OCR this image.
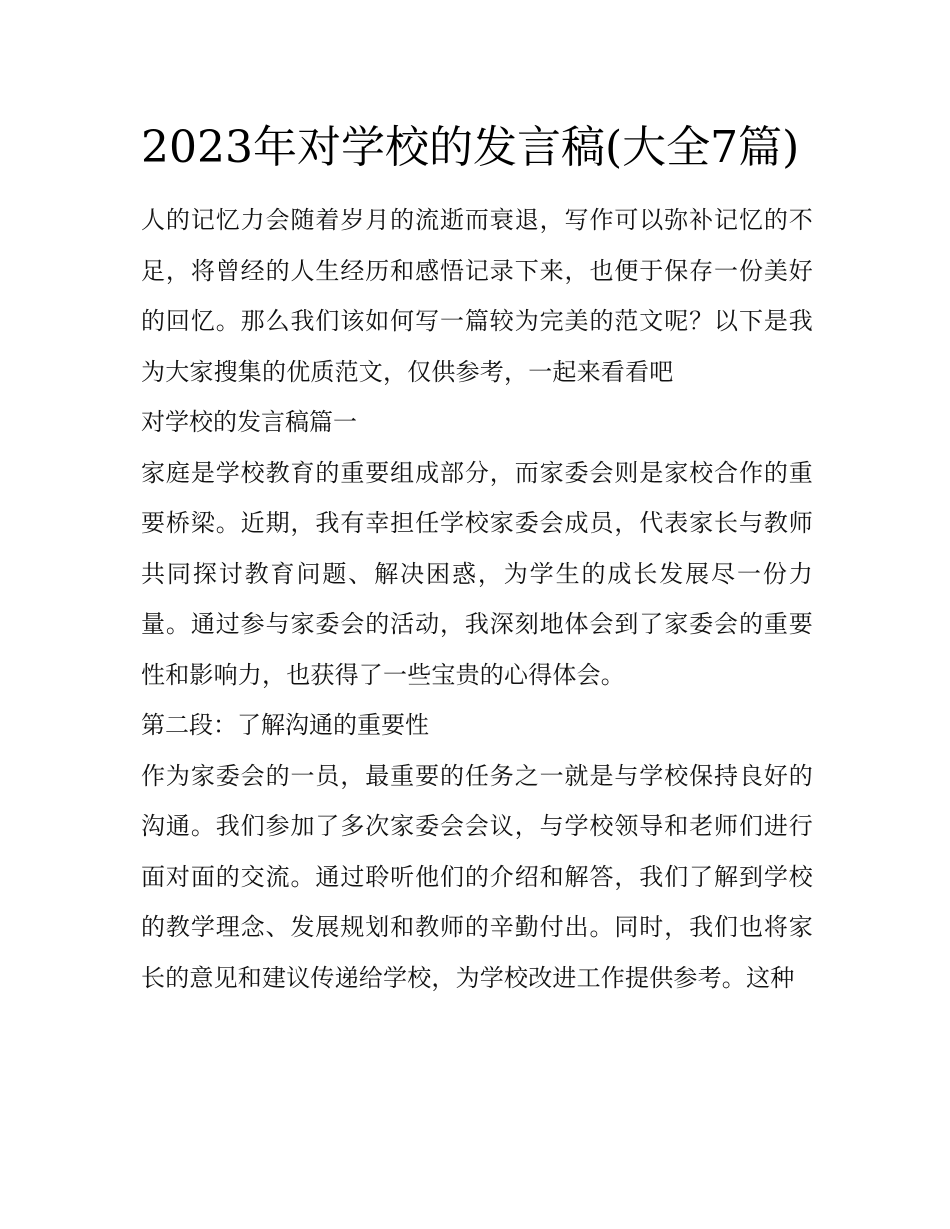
2023年对学校的发言稿(大全7篇)

人的记忆力会随着岁月的流逝而衰退，写作可以弥补记忆的不足，将曾经的人生经历和感悟记录下来，也便于保存一份美好的回忆。那么我们该如何写一篇较为完美的范文呢？以下是我为大家搜集的优质范文，仅供参考，一起来看看吧

对学校的发言稿篇一

家庭是学校教育的重要组成部分，而家委会则是家校合作的重要桥梁。近期，我有幸担任学校家委会成员，代表家长与教师共同探讨教育问题、解决困惑，为学生的成长发展尽一份力量。通过参与家委会的活动，我深刻地体会到了家委会的重要性和影响力，也获得了一些宝贵的心得体会。

第二段：了解沟通的重要性

作为家委会的一员，最重要的任务之一就是与学校保持良好的沟通。我们参加了多次家委会会议，与学校领导和老师们进行面对面的交流。通过聆听他们的介绍和解答，我们了解到学校的教学理念、发展规划和教师的辛勤付出。同时，我们也将家长的意见和建议传递给学校，为学校改进工作提供参考。这种
